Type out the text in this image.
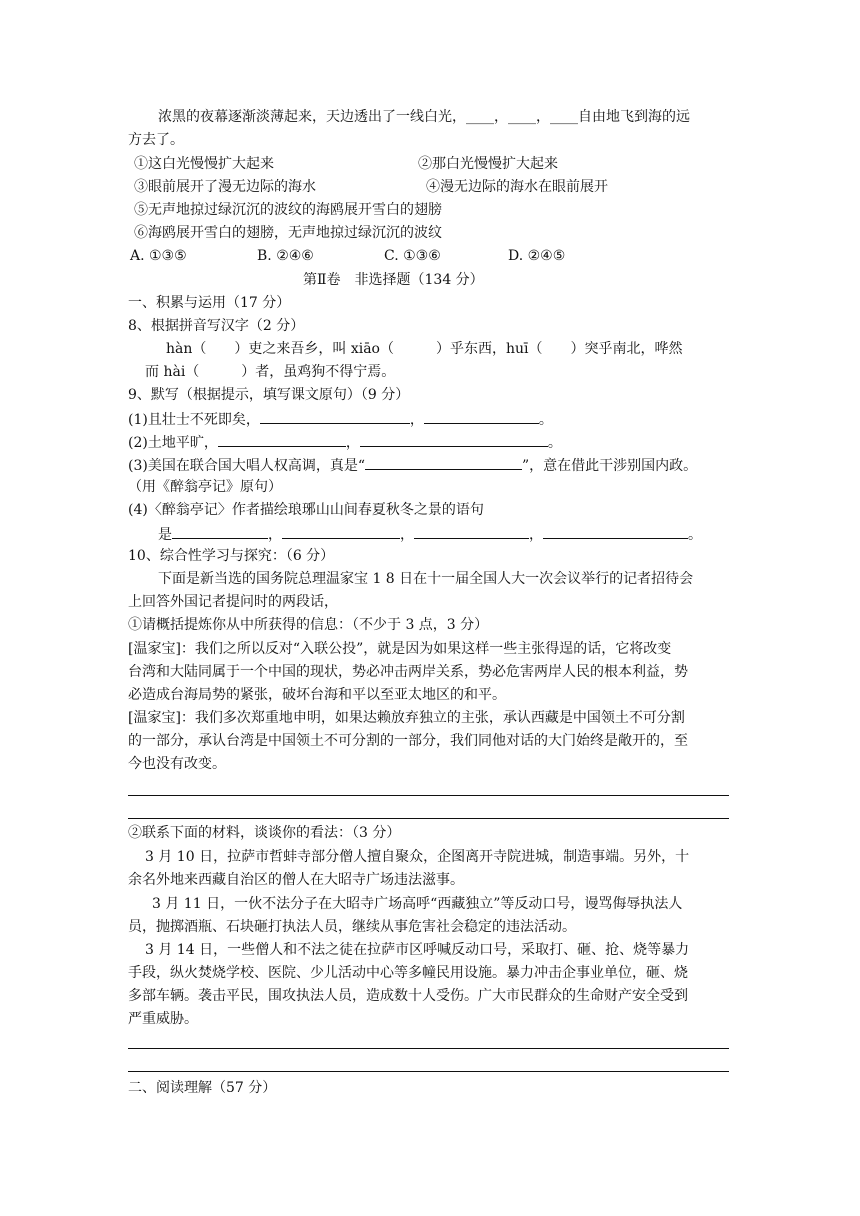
浓黑的夜幕逐渐淡薄起来，天边透出了一线白光，____，____，____自由地飞到海的远
方去了。
①这白光慢慢扩大起来	②那白光慢慢扩大起来
③眼前展开了漫无边际的海水	④漫无边际的海水在眼前展开
⑤无声地掠过绿沉沉的波纹的海鸥展开雪白的翅膀
⑥海鸥展开雪白的翅膀，无声地掠过绿沉沉的波纹
A. ①③⑤	B. ②④⑥	C. ①③⑥	D. ②④⑤
第Ⅱ卷　非选择题（134 分）
一、积累与运用（17 分）
8、根据拼音写汉字（2 分）
hàn（　　）吏之来吾乡，叫 xiāo（　　　）乎东西，huī（　　）突乎南北，哗然
而 hài（　　　）者，虽鸡狗不得宁焉。
9、默写（根据提示，填写课文原句）（9 分）
(1)且壮士不死即矣，	，	。
(2)土地平旷，	，	。
(3)美国在联合国大唱人权高调，真是“	”，意在借此干涉别国内政。
（用《醉翁亭记》原句）
(4)〈醉翁亭记〉作者描绘琅琊山山间春夏秋冬之景的语句
是	，	，	，	。
10、综合性学习与探究：（6 分）
下面是新当选的国务院总理温家宝 1 8 日在十一届全国人大一次会议举行的记者招待会
上回答外国记者提问时的两段话，
①请概括提炼你从中所获得的信息：（不少于 3 点，3 分）
[温家宝]：我们之所以反对“入联公投”，就是因为如果这样一些主张得逞的话，它将改变
台湾和大陆同属于一个中国的现状，势必冲击两岸关系，势必危害两岸人民的根本利益，势
必造成台海局势的紧张，破坏台海和平以至亚太地区的和平。
[温家宝]：我们多次郑重地申明，如果达赖放弃独立的主张，承认西藏是中国领土不可分割
的一部分，承认台湾是中国领土不可分割的一部分，我们同他对话的大门始终是敞开的，至
今也没有改变。
②联系下面的材料，谈谈你的看法：（3 分）
3 月 10 日，拉萨市哲蚌寺部分僧人擅自聚众，企图离开寺院进城，制造事端。另外，十
余名外地来西藏自治区的僧人在大昭寺广场违法滋事。
3 月 11 日，一伙不法分子在大昭寺广场高呼“西藏独立”等反动口号，谩骂侮辱执法人
员，抛掷酒瓶、石块砸打执法人员，继续从事危害社会稳定的违法活动。
3 月 14 日，一些僧人和不法之徒在拉萨市区呼喊反动口号，采取打、砸、抢、烧等暴力
手段，纵火焚烧学校、医院、少儿活动中心等多幢民用设施。暴力冲击企事业单位，砸、烧
多部车辆。袭击平民，围攻执法人员，造成数十人受伤。广大市民群众的生命财产安全受到
严重威胁。
二、阅读理解（57 分）
